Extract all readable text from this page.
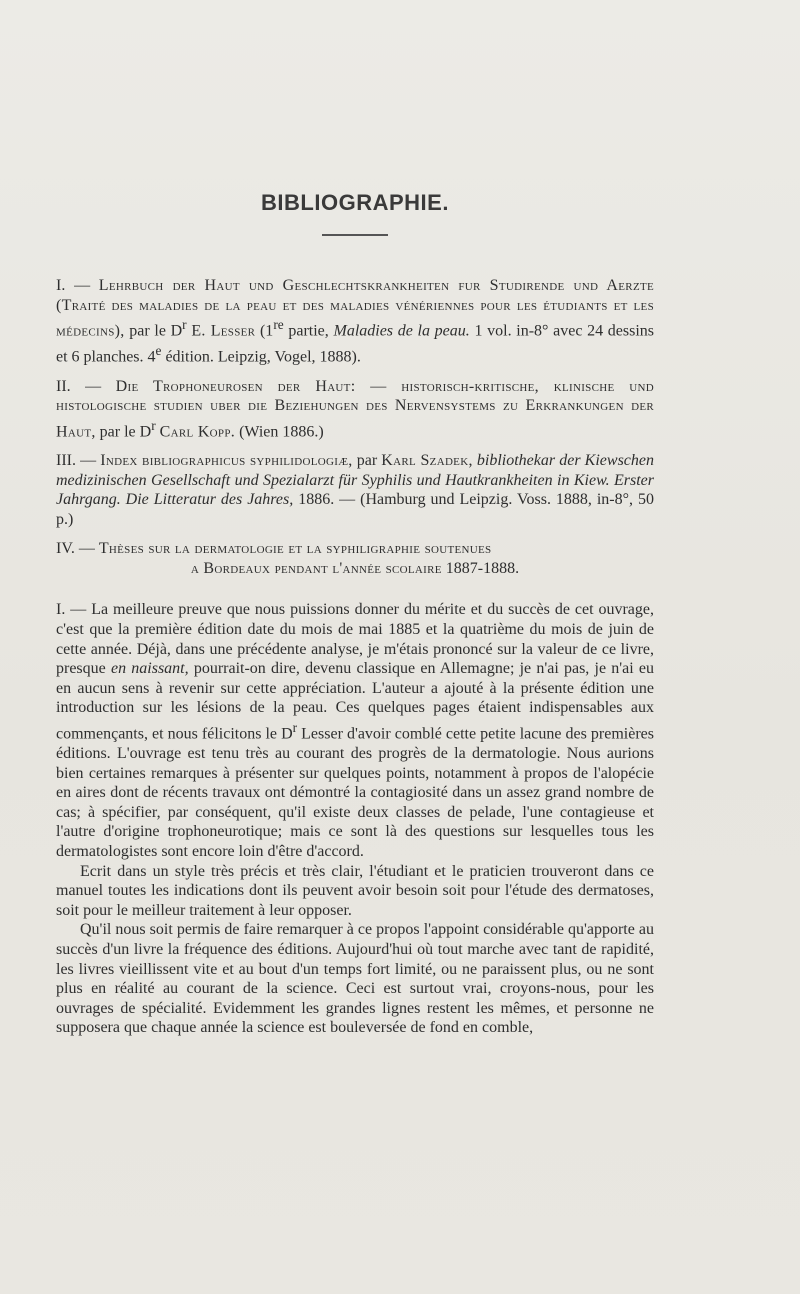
BIBLIOGRAPHIE.

I. — Lehrbuch der Haut und Geschlechtskrankheiten fur Studirende und Aerzte (Traité des maladies de la peau et des maladies vénériennes pour les étudiants et les médecins), par le $D^r$ E. Lesser (1re partie, Maladies de la peau. 1 vol. in-8° avec 24 dessins et 6 planches. 4e édition. Leipzig, Vogel, 1888).

II. — Die Trophoneurosen der Haut: — historisch-kritische, klinische und histologische studien uber die Beziehungen des Nervensystems zu Erkrankungen der Haut, par le $D^r$ Carl Kopp. (Wien 1886.)

III. — Index bibliographicus syphilidologiæ, par Karl Szadek, bibliothekar der Kiewschen medizinischen Gesellschaft und Spezialarzt für Syphilis und Hautkrankheiten in Kiew. Erster Jahrgang. Die Litteratur des Jahres, 1886. — (Hamburg und Leipzig. Voss. 1888, in-8°, 50 p.)

IV. — Thèses sur la dermatologie et la syphiligraphie soutenues
a Bordeaux pendant l'année scolaire 1887-1888.

I. — La meilleure preuve que nous puissions donner du mérite et du succès de cet ouvrage, c'est que la première édition date du mois de mai 1885 et la quatrième du mois de juin de cette année. Déjà, dans une précédente analyse, je m'étais prononcé sur la valeur de ce livre, presque en naissant, pourrait-on dire, devenu classique en Allemagne; je n'ai pas, je n'ai eu en aucun sens à revenir sur cette appréciation. L'auteur a ajouté à la présente édition une introduction sur les lésions de la peau. Ces quelques pages étaient indispensables aux commençants, et nous félicitons le $D^r$ Lesser d'avoir comblé cette petite lacune des premières éditions. L'ouvrage est tenu très au courant des progrès de la dermatologie. Nous aurions bien certaines remarques à présenter sur quelques points, notamment à propos de l'alopécie en aires dont de récents travaux ont démontré la contagiosité dans un assez grand nombre de cas; à spécifier, par conséquent, qu'il existe deux classes de pelade, l'une contagieuse et l'autre d'origine trophoneurotique; mais ce sont là des questions sur lesquelles tous les dermatologistes sont encore loin d'être d'accord.

Ecrit dans un style très précis et très clair, l'étudiant et le praticien trouveront dans ce manuel toutes les indications dont ils peuvent avoir besoin soit pour l'étude des dermatoses, soit pour le meilleur traitement à leur opposer.

Qu'il nous soit permis de faire remarquer à ce propos l'appoint considérable qu'apporte au succès d'un livre la fréquence des éditions. Aujourd'hui où tout marche avec tant de rapidité, les livres vieillissent vite et au bout d'un temps fort limité, ou ne paraissent plus, ou ne sont plus en réalité au courant de la science. Ceci est surtout vrai, croyons-nous, pour les ouvrages de spécialité. Evidemment les grandes lignes restent les mêmes, et personne ne supposera que chaque année la science est bouleversée de fond en comble,
